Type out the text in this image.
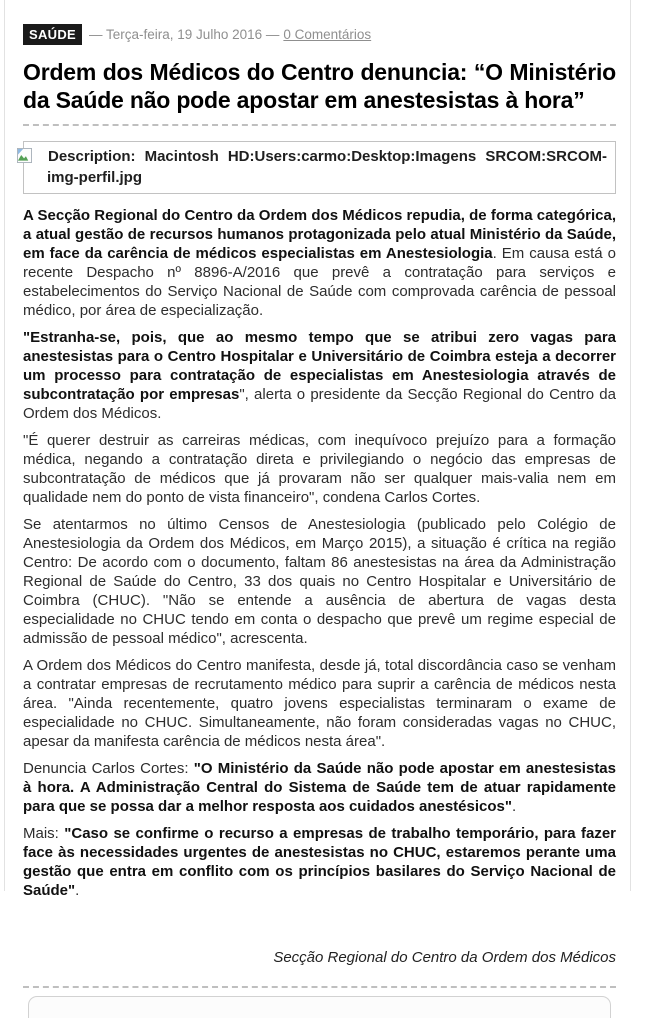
SAÚDE — Terça-feira, 19 Julho 2016 — 0 Comentários
Ordem dos Médicos do Centro denuncia: “O Ministério da Saúde não pode apostar em anestesistas à hora”

Description: Macintosh HD:Users:carmo:Desktop:Imagens SRCOM:SRCOM-img-perfil.jpg

A Secção Regional do Centro da Ordem dos Médicos repudia, de forma categórica, a atual gestão de recursos humanos protagonizada pelo atual Ministério da Saúde, em face da carência de médicos especialistas em Anestesiologia. Em causa está o recente Despacho nº 8896-A/2016 que prevê a contratação para serviços e estabelecimentos do Serviço Nacional de Saúde com comprovada carência de pessoal médico, por área de especialização.

"Estranha-se, pois, que ao mesmo tempo que se atribui zero vagas para anestesistas para o Centro Hospitalar e Universitário de Coimbra esteja a decorrer um processo para contratação de especialistas em Anestesiologia através de subcontratação por empresas", alerta o presidente da Secção Regional do Centro da Ordem dos Médicos.

"É querer destruir as carreiras médicas, com inequívoco prejuízo para a formação médica, negando a contratação direta e privilegiando o negócio das empresas de subcontratação de médicos que já provaram não ser qualquer mais-valia nem em qualidade nem do ponto de vista financeiro", condena Carlos Cortes.

Se atentarmos no último Censos de Anestesiologia (publicado pelo Colégio de Anestesiologia da Ordem dos Médicos, em Março 2015), a situação é crítica na região Centro: De acordo com o documento, faltam 86 anestesistas na área da Administração Regional de Saúde do Centro, 33 dos quais no Centro Hospitalar e Universitário de Coimbra (CHUC). "Não se entende a ausência de abertura de vagas desta especialidade no CHUC tendo em conta o despacho que prevê um regime especial de admissão de pessoal médico", acrescenta.

A Ordem dos Médicos do Centro manifesta, desde já, total discordância caso se venham a contratar empresas de recrutamento médico para suprir a carência de médicos nesta área. "Ainda recentemente, quatro jovens especialistas terminaram o exame de especialidade no CHUC. Simultaneamente, não foram consideradas vagas no CHUC, apesar da manifesta carência de médicos nesta área".

Denuncia Carlos Cortes: "O Ministério da Saúde não pode apostar em anestesistas à hora. A Administração Central do Sistema de Saúde tem de atuar rapidamente para que se possa dar a melhor resposta aos cuidados anestésicos".

Mais: "Caso se confirme o recurso a empresas de trabalho temporário, para fazer face às necessidades urgentes de anestesistas no CHUC, estaremos perante uma gestão que entra em conflito com os princípios basilares do Serviço Nacional de Saúde".

Secção Regional do Centro da Ordem dos Médicos
